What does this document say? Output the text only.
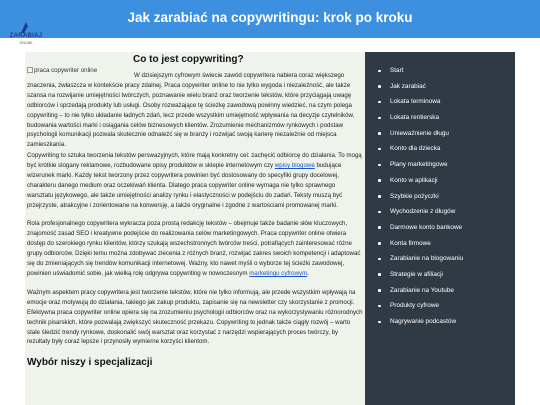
Jak zarabiać na copywritingu: krok po kroku
ZARABIAJ
ONLINE
praca copywriter online
Co to jest copywriting?

W dzisiejszym cyfrowym świecie zawód copywritera nabiera coraz większego znaczenia, zwłaszcza w kontekście pracy zdalnej. Praca copywriter online to nie tylko wygoda i niezależność, ale także szansa na rozwijanie umiejętności twórczych, poznawanie wielu branż oraz tworzenie tekstów, które przyciągają uwagę odbiorców i sprzedają produkty lub usługi. Osoby rozważające tę ścieżkę zawodową powinny wiedzieć, na czym polega copywriting – to nie tylko układanie ładnych zdań, lecz przede wszystkim umiejętność wpływania na decyzje czytelników, budowania wartości marki i osiągania celów biznesowych klientów. Zrozumienie mechanizmów rynkowych i podstaw psychologii komunikacji pozwala skutecznie odnaleźć się w branży i rozwijać swoją karierę niezależnie od miejsca zamieszkania.

Copywriting to sztuka tworzenia tekstów perswazyjnych, które mają konkretny cel: zachęcić odbiorcę do działania. To mogą być krótkie slogany reklamowe, rozbudowane opisy produktów w sklepie internetowym czy wpisy blogowe budujące wizerunek marki. Każdy tekst tworzony przez copywritera powinien być dostosowany do specyfiki grupy docelowej, charakteru danego medium oraz oczekiwań klienta. Dlatego praca copywriter online wymaga nie tylko sprawnego warsztatu językowego, ale także umiejętności analizy rynku i elastyczności w podejściu do zadań. Teksty muszą być przejrzyste, atrakcyjne i zorientowane na konwersję, a także oryginalne i zgodne z wartościami promowanej marki.

Rola profesjonalnego copywritera wykracza poza prostą redakcję tekstów – obejmuje także badanie słów kluczowych, znajomość zasad SEO i kreatywne podejście do realizowania celów marketingowych. Praca copywriter online otwiera dostęp do szerokiego rynku klientów, którzy szukają wszechstronnych twórców treści, potrafiących zainteresować różne grupy odbiorców. Dzięki temu można zdobywać zlecenia z różnych branż, rozwijać zakres swoich kompetencji i adaptować się do zmieniających się trendów komunikacji internetowej. Ważny, kto nawet myśli o wyborze tej ścieżki zawodowej, powinien uświadomić sobie, jak wielką rolę odgrywa copywriting w nowoczesnym marketingu cyfrowym.

Ważnym aspektem pracy copywritera jest tworzenie tekstów, które nie tylko informują, ale przede wszystkim wpływają na emocje oraz motywują do działania, takiego jak zakup produktu, zapisanie się na newsletter czy skorzystanie z promocji. Efektywna praca copywriter online opiera się na zrozumieniu psychologii odbiorców oraz na wykorzystywaniu różnorodnych technik pisarskich, które pozwalają zwiększyć skuteczność przekazu. Copywriting to jednak także ciągły rozwój – warto stale śledzić trendy rynkowe, doskonalić swój warsztat oraz korzystać z narzędzi wspierających proces twórczy, by rezultaty były coraz lepsze i przynosiły wymierne korzyści klientom.

Wybór niszy i specjalizacji
Start
Jak zarabiać
Lokata terminowa
Lokata rentierska
Uniewaźnienie długu
Konto dla dziecka
Plany marketingowe
Konto w aplikacji
Szybkie pożyczki
Wychodzenie z długów
Darmowe konto bankowe
Konta firmowe
Zarabianie na blogowaniu
Strategie w afiliacji
Zarabianie na Youtube
Produkty cyfrowe
Nagrywanie podcastów
